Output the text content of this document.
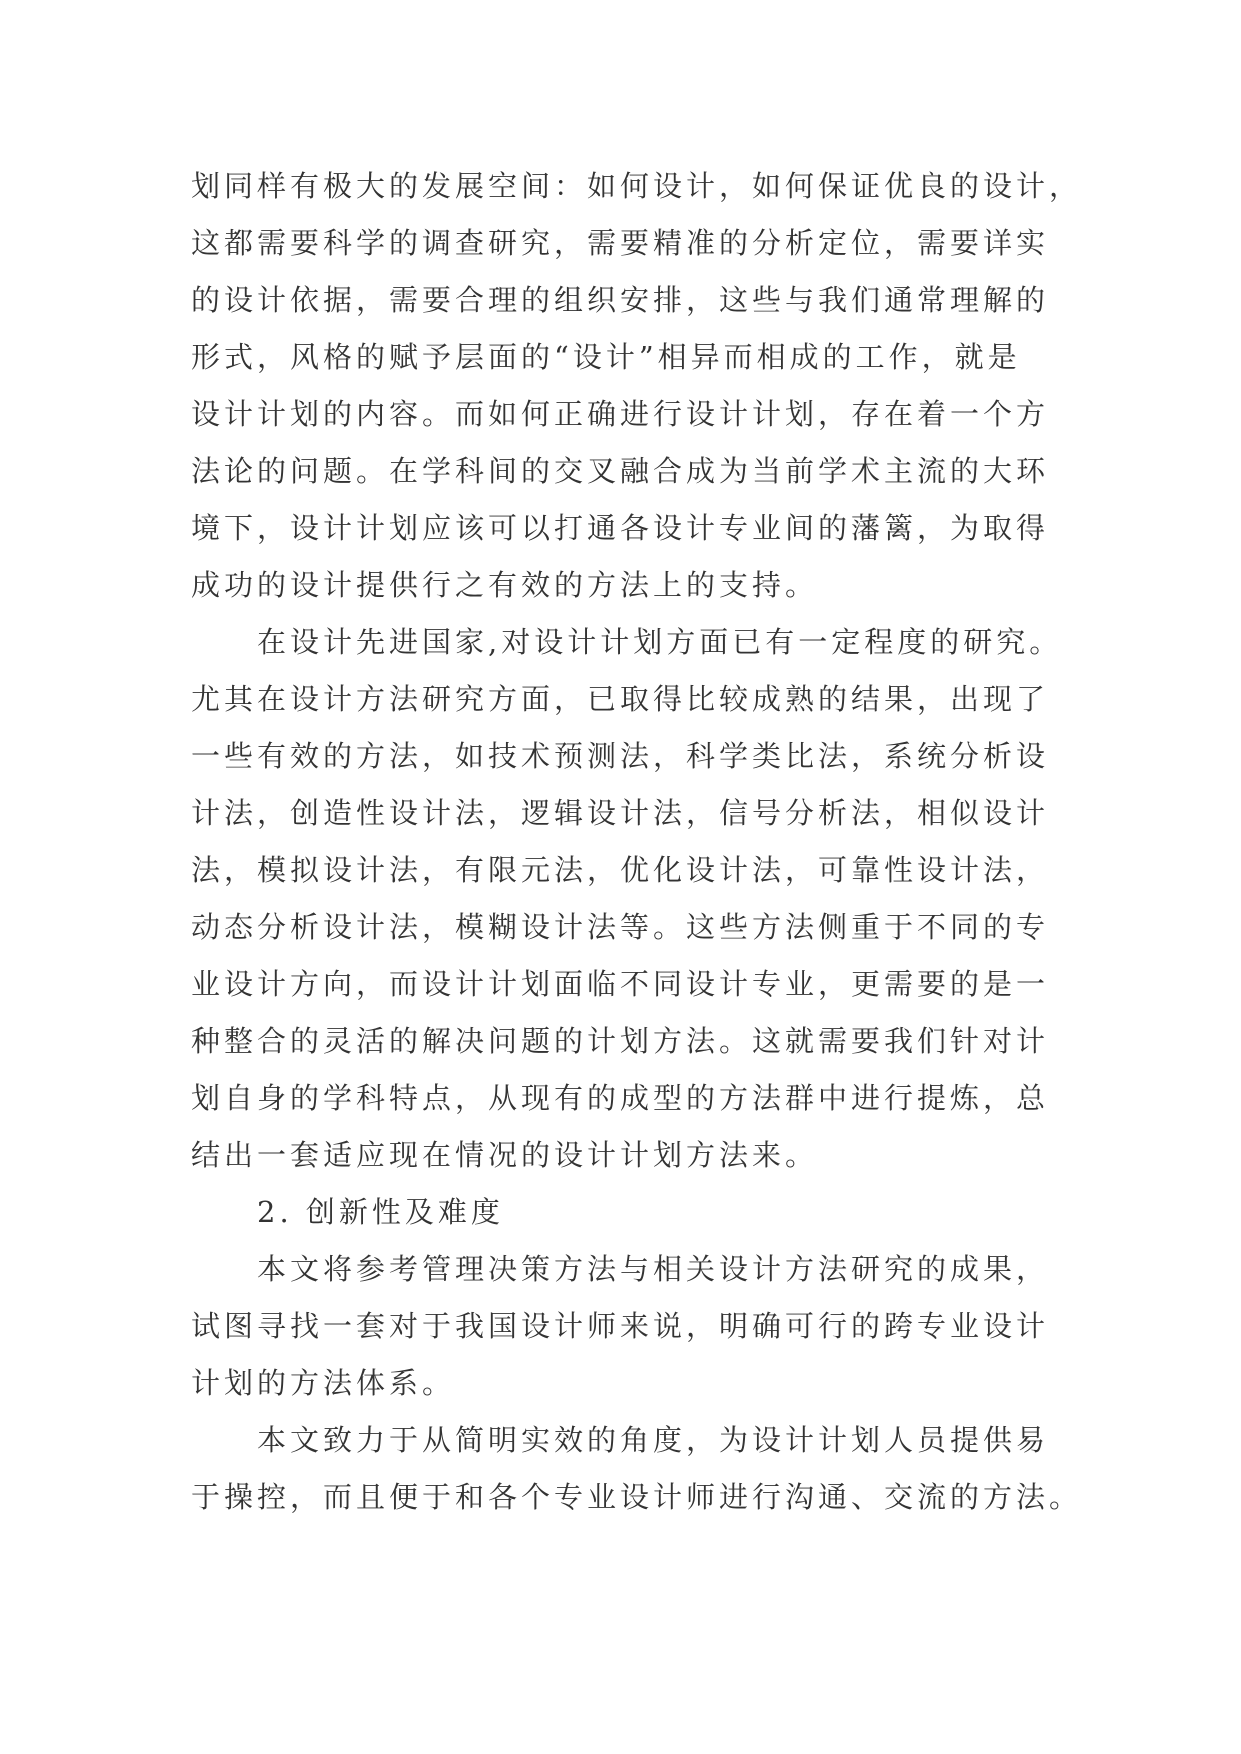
划同样有极大的发展空间：如何设计，如何保证优良的设计，
这都需要科学的调查研究，需要精准的分析定位，需要详实
的设计依据，需要合理的组织安排，这些与我们通常理解的
形式，风格的赋予层面的“设计”相异而相成的工作，就是
设计计划的内容。而如何正确进行设计计划，存在着一个方
法论的问题。在学科间的交叉融合成为当前学术主流的大环
境下，设计计划应该可以打通各设计专业间的藩篱，为取得
成功的设计提供行之有效的方法上的支持。
　　在设计先进国家,对设计计划方面已有一定程度的研究。
尤其在设计方法研究方面，已取得比较成熟的结果，出现了
一些有效的方法，如技术预测法，科学类比法，系统分析设
计法，创造性设计法，逻辑设计法，信号分析法，相似设计
法，模拟设计法，有限元法，优化设计法，可靠性设计法，
动态分析设计法，模糊设计法等。这些方法侧重于不同的专
业设计方向，而设计计划面临不同设计专业，更需要的是一
种整合的灵活的解决问题的计划方法。这就需要我们针对计
划自身的学科特点，从现有的成型的方法群中进行提炼，总
结出一套适应现在情况的设计计划方法来。
　　2. 创新性及难度
　　本文将参考管理决策方法与相关设计方法研究的成果，
试图寻找一套对于我国设计师来说，明确可行的跨专业设计
计划的方法体系。
　　本文致力于从简明实效的角度，为设计计划人员提供易
于操控，而且便于和各个专业设计师进行沟通、交流的方法。
